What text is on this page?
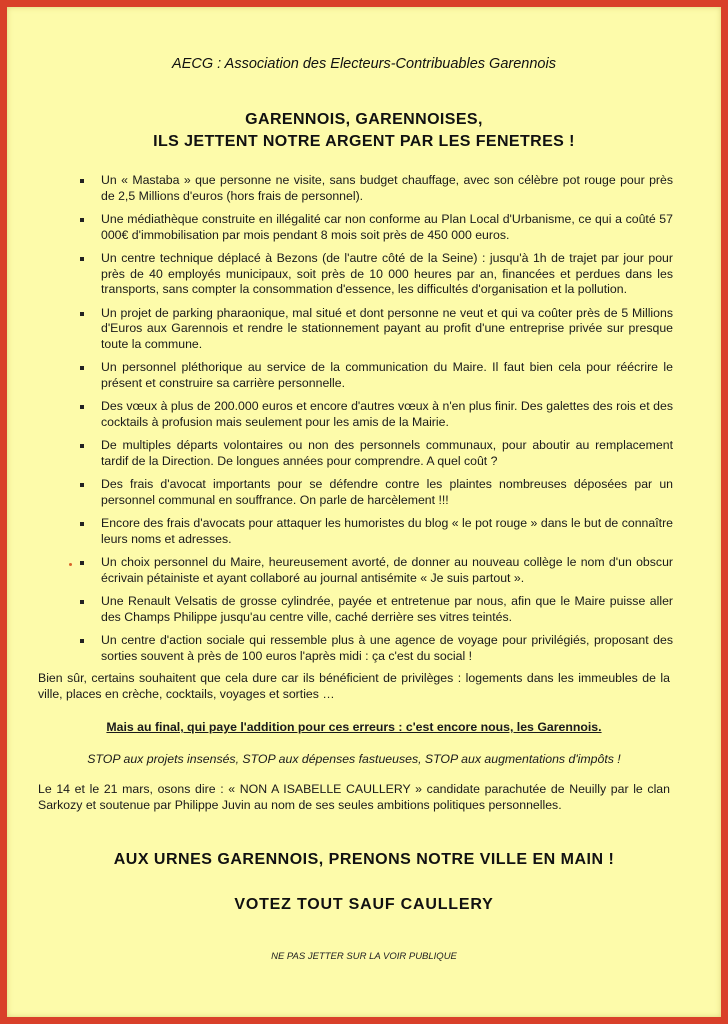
AECG : Association des Electeurs-Contribuables Garennois
GARENNOIS, GARENNOISES,
ILS JETTENT NOTRE ARGENT PAR LES FENETRES !
Un « Mastaba » que personne ne visite, sans budget chauffage, avec son célèbre pot rouge pour près de 2,5 Millions d'euros (hors frais de personnel).
Une médiathèque construite en illégalité car non conforme au Plan Local d'Urbanisme, ce qui a coûté 57 000€ d'immobilisation par mois pendant 8 mois soit près de 450 000 euros.
Un centre technique déplacé à Bezons (de l'autre côté de la Seine) : jusqu'à 1h de trajet par jour pour près de 40 employés municipaux, soit près de 10 000 heures par an, financées et perdues dans les transports, sans compter la consommation d'essence, les difficultés d'organisation et la pollution.
Un projet de parking pharaonique, mal situé et dont personne ne veut et qui va coûter près de 5 Millions d'Euros aux Garennois et rendre le stationnement payant au profit d'une entreprise privée sur presque toute la commune.
Un personnel pléthorique au service de la communication du Maire. Il faut bien cela pour réécrire le présent et construire sa carrière personnelle.
Des vœux à plus de 200.000 euros et encore d'autres vœux à n'en plus finir. Des galettes des rois et des cocktails à profusion mais seulement pour les amis de la Mairie.
De multiples départs volontaires ou non des personnels communaux, pour aboutir au remplacement tardif de la Direction. De longues années pour comprendre. A quel coût ?
Des frais d'avocat importants pour se défendre contre les plaintes nombreuses déposées par un personnel communal en souffrance. On parle de harcèlement !!!
Encore des frais d'avocats pour attaquer les humoristes du blog « le pot rouge » dans le but de connaître leurs noms et adresses.
Un choix personnel du Maire, heureusement avorté, de donner au nouveau collège le nom d'un obscur écrivain pétainiste et ayant collaboré au journal antisémite « Je suis partout ».
Une Renault Velsatis de grosse cylindrée, payée et entretenue par nous, afin que le Maire puisse aller des Champs Philippe jusqu'au centre ville, caché derrière ses vitres teintés.
Un centre d'action sociale qui ressemble plus à une agence de voyage pour privilégiés, proposant des sorties souvent à près de 100 euros l'après midi : ça c'est du social !
Bien sûr, certains souhaitent que cela dure car ils bénéficient de privilèges : logements dans les immeubles de la ville, places en crèche, cocktails, voyages et sorties …
Mais au final, qui paye l'addition pour ces erreurs : c'est encore nous, les Garennois.
STOP aux projets insensés, STOP aux dépenses fastueuses, STOP aux augmentations d'impôts !
Le 14 et le 21 mars, osons dire : « NON A ISABELLE CAULLERY » candidate parachutée de Neuilly par le clan Sarkozy et soutenue par Philippe Juvin au nom de ses seules ambitions politiques personnelles.
AUX URNES GARENNOIS, PRENONS NOTRE VILLE EN MAIN !
VOTEZ TOUT SAUF CAULLERY
NE PAS JETTER SUR LA VOIR PUBLIQUE
